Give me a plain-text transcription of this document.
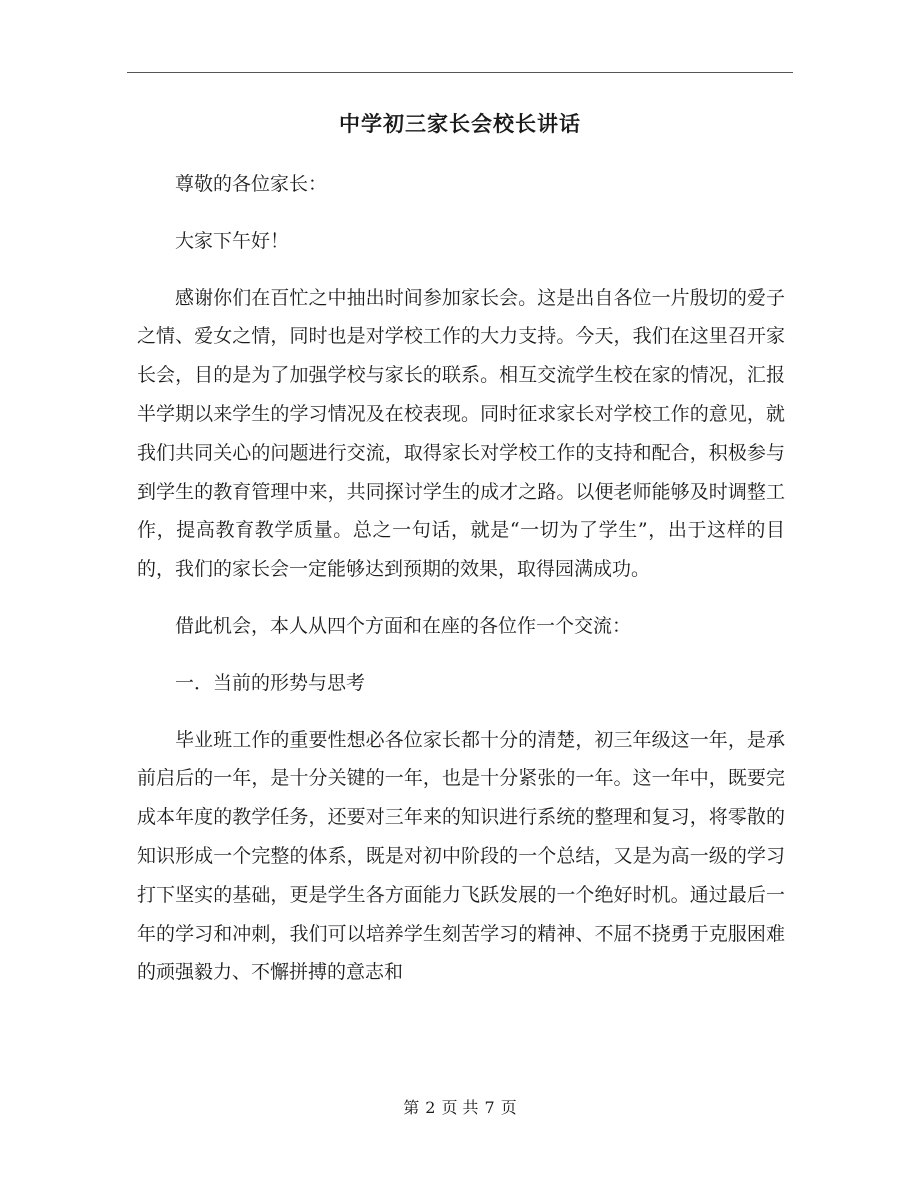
中学初三家长会校长讲话

尊敬的各位家长：

大家下午好！

感谢你们在百忙之中抽出时间参加家长会。这是出自各位一片殷切的爱子之情、爱女之情，同时也是对学校工作的大力支持。今天，我们在这里召开家长会，目的是为了加强学校与家长的联系。相互交流学生校在家的情况，汇报半学期以来学生的学习情况及在校表现。同时征求家长对学校工作的意见，就我们共同关心的问题进行交流，取得家长对学校工作的支持和配合，积极参与到学生的教育管理中来，共同探讨学生的成才之路。以便老师能够及时调整工作，提高教育教学质量。总之一句话，就是“一切为了学生”，出于这样的目的，我们的家长会一定能够达到预期的效果，取得园满成功。

借此机会，本人从四个方面和在座的各位作一个交流：

一．当前的形势与思考

毕业班工作的重要性想必各位家长都十分的清楚，初三年级这一年，是承前启后的一年，是十分关键的一年，也是十分紧张的一年。这一年中，既要完成本年度的教学任务，还要对三年来的知识进行系统的整理和复习，将零散的知识形成一个完整的体系，既是对初中阶段的一个总结，又是为高一级的学习打下坚实的基础，更是学生各方面能力飞跃发展的一个绝好时机。通过最后一年的学习和冲刺，我们可以培养学生刻苦学习的精神、不屈不挠勇于克服困难的顽强毅力、不懈拼搏的意志和

第 2 页 共 7 页
